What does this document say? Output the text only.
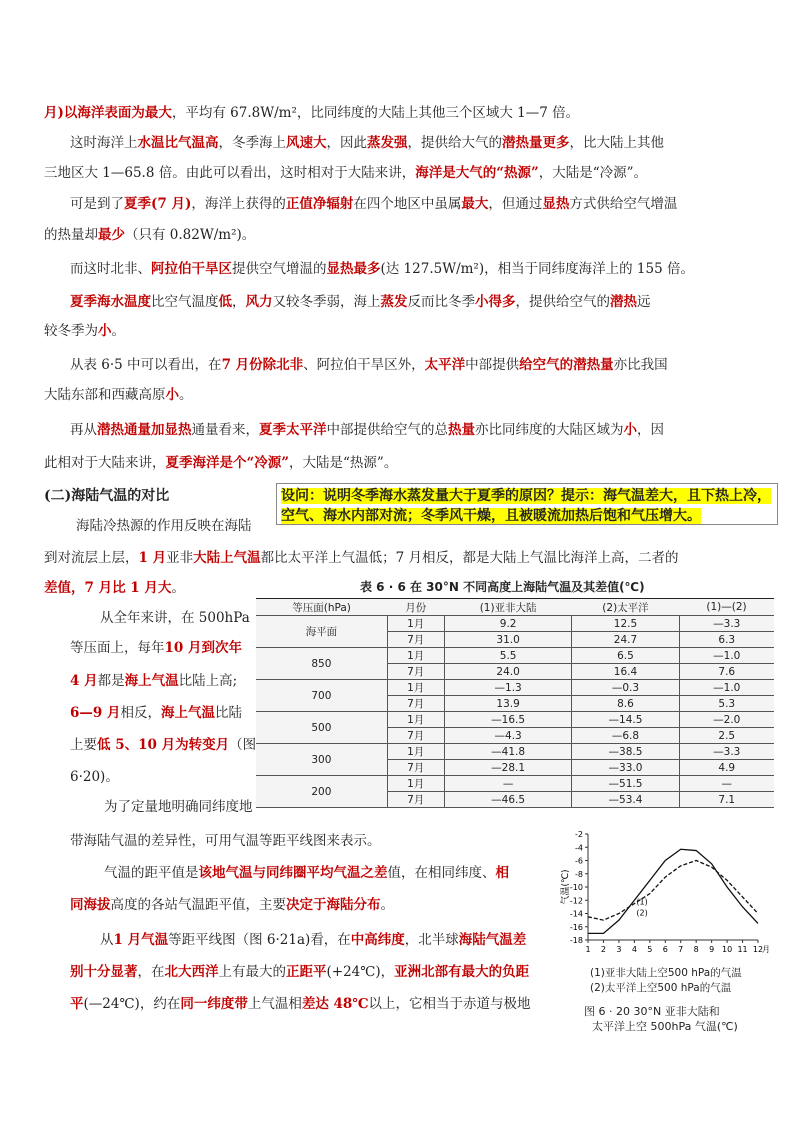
月)以海洋表面为最大，平均有 67.8W/m²，比同纬度的大陆上其他三个区域大 1—7 倍。
这时海洋上水温比气温高，冬季海上风速大，因此蒸发强，提供给大气的潜热量更多，比大陆上其他
三地区大 1—65.8 倍。由此可以看出，这时相对于大陆来讲，海洋是大气的“热源”，大陆是“冷源”。
可是到了夏季(7 月)，海洋上获得的正值净辐射在四个地区中虽属最大，但通过显热方式供给空气增温
的热量却最少（只有 0.82W/m²)。
而这时北非、阿拉伯干旱区提供空气增温的显热最多(达 127.5W/m²)，相当于同纬度海洋上的 155 倍。
夏季海水温度比空气温度低，风力又较冬季弱，海上蒸发反而比冬季小得多，提供给空气的潜热远
较冬季为小。
从表 6·5 中可以看出，在7 月份除北非、阿拉伯干旱区外，太平洋中部提供给空气的潜热量亦比我国
大陆东部和西藏高原小。
再从潜热通量加显热通量看来，夏季太平洋中部提供给空气的总热量亦比同纬度的大陆区域为小，因
此相对于大陆来讲，夏季海洋是个“冷源”，大陆是“热源”。
(二)海陆气温的对比	设问：说明冬季海水蒸发量大于夏季的原因？提示：海气温差大，且下热上冷，空气、海水内部对流；冬季风干燥，且被暖流加热后饱和气压增大。
海陆冷热源的作用反映在海陆
到对流层上层，1 月亚非大陆上气温都比太平洋上气温低；7 月相反，都是大陆上气温比海洋上高，二者的
差值，7 月比 1 月大。
从全年来讲，在 500hPa
等压面上，每年10 月到次年
4 月都是海上气温比陆上高;
6—9 月相反，海上气温比陆
上要低 5、10 月为转变月（图
6·20)。
为了定量地明确同纬度地
带海陆气温的差异性，可用气温等距平线图来表示。
气温的距平值是该地气温与同纬圈平均气温之差值，在相同纬度、相
同海拔高度的各站气温距平值，主要决定于海陆分布。
从1 月气温等距平线图（图 6·21a)看，在中高纬度，北半球海陆气温差
别十分显著，在北大西洋上有最大的正距平(+24℃)，亚洲北部有最大的负距
平(—24℃)，约在同一纬度带上气温相差达 48℃以上，它相当于赤道与极地
表 6 · 6 在 30°N 不同高度上海陆气温及其差值(℃)
等压面(hPa)	月份	(1)亚非大陆	(2)太平洋	(1)—(2)
海平面	1月	9.2	12.5	—3.3
	7月	31.0	24.7	6.3
850	1月	5.5	6.5	—1.0
	7月	24.0	16.4	7.6
700	1月	—1.3	—0.3	—1.0
	7月	13.9	8.6	5.3
500	1月	—16.5	—14.5	—2.0
	7月	—4.3	—6.8	2.5
300	1月	—41.8	—38.5	—3.3
	7月	—28.1	—33.0	4.9
200	1月	—	—51.5	—
	7月	—46.5	—53.4	7.1
-2
-4
-6
-8
-10
-12
-14
-16
-18
1 2 3 4 5 6 7 8 9 10 11 12
月
气温(℃)	(1)
(2)
(1)亚非大陆上空500 hPa的气温
(2)太平洋上空500 hPa的气温
图 6 · 20 30°N 亚非大陆和
太平洋上空 500hPa 气温(℃)
